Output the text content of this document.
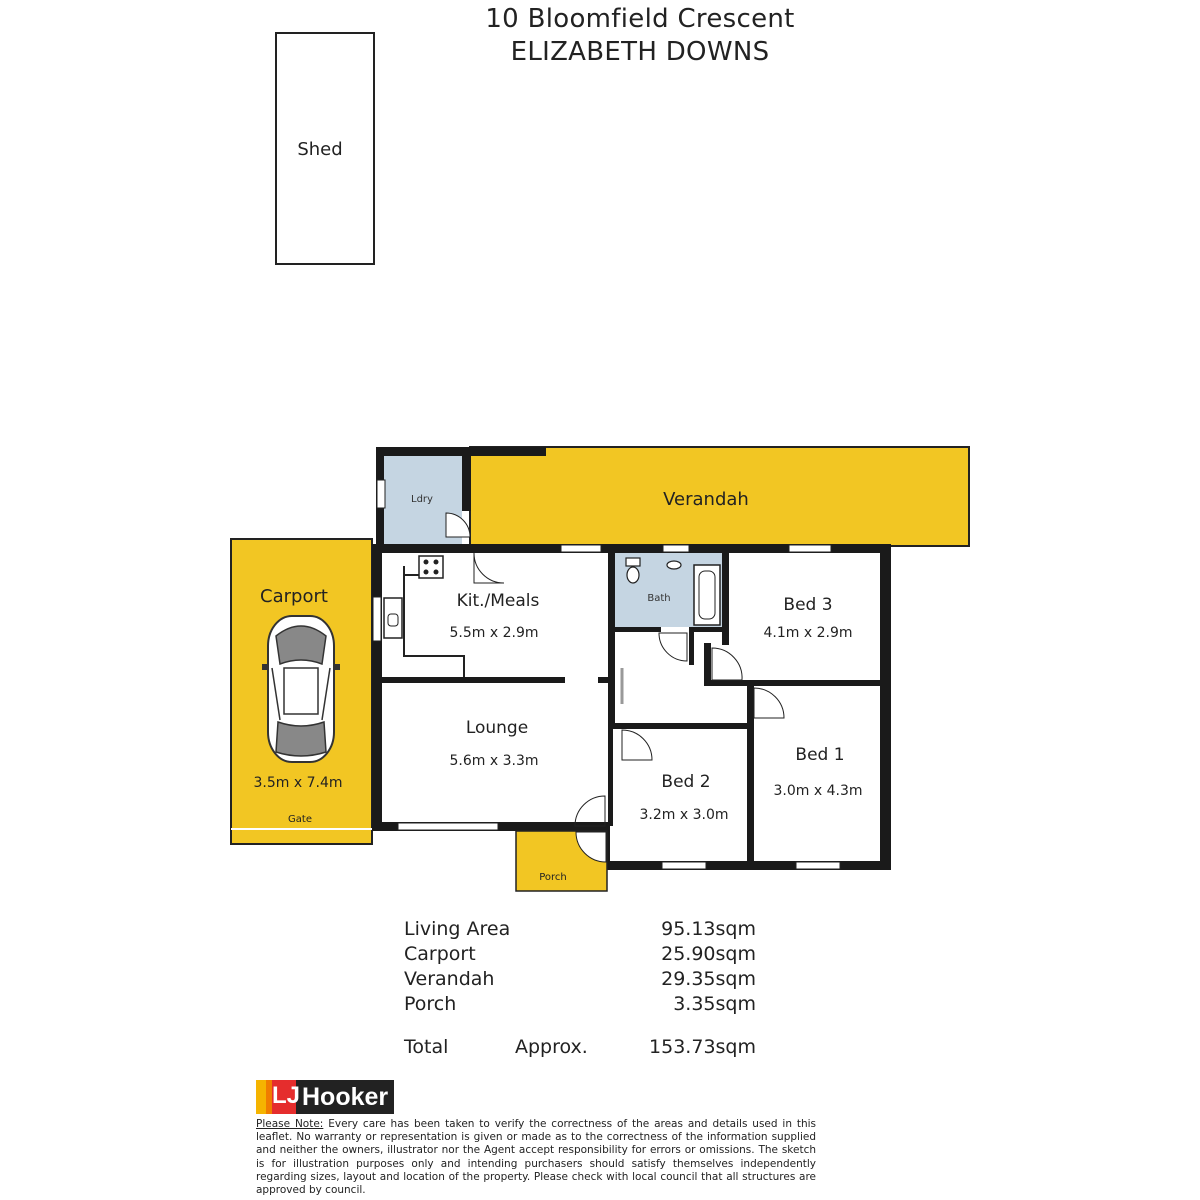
10 Bloomfield Crescent
ELIZABETH DOWNS
Shed
Verandah
Carport
3.5m x 7.4m
Gate
Ldry
Kit./Meals
5.5m x 2.9m
Bath	Bed 3
4.1m x 2.9m
Lounge
5.6m x 3.3m
Bed 2
3.2m x 3.0m
Bed 1
3.0m x 4.3m
Porch
Living Area	95.13sqm
Carport	25.90sqm
Verandah	29.35sqm
Porch	3.35sqm
Total	Approx.	153.73sqm
LJ Hooker
Please Note: Every care has been taken to verify the correctness of the areas and details used in this leaflet. No warranty or representation is given or made as to the correctness of the information supplied and neither the owners, illustrator nor the Agent accept responsibility for errors or omissions. The sketch is for illustration purposes only and intending purchasers should satisfy themselves independently regarding sizes, layout and location of the property. Please check with local council that all structures are approved by council.
